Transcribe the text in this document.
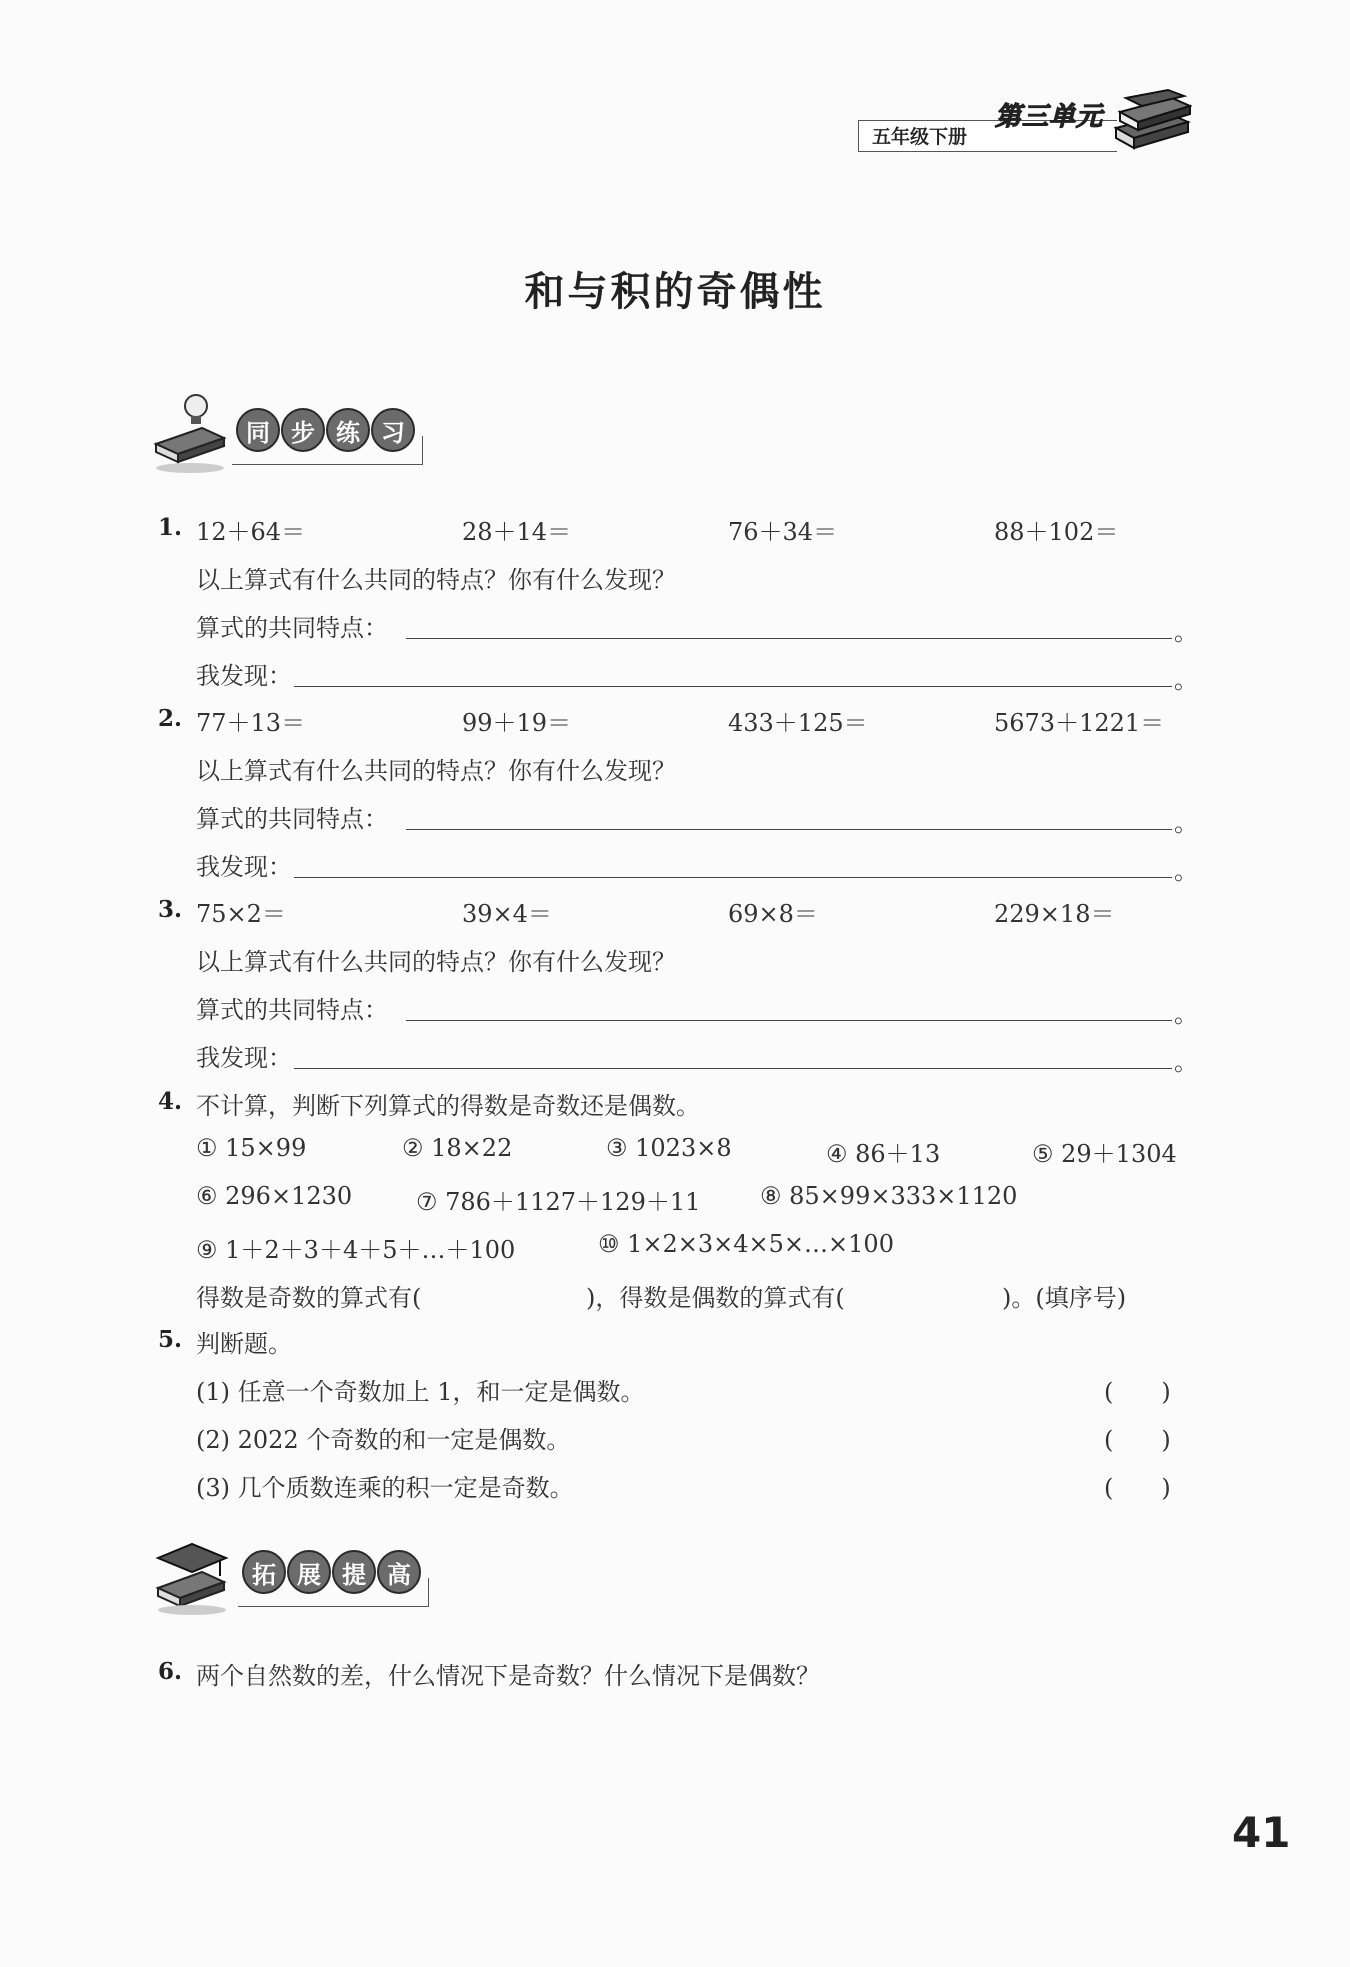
五年级下册
第三单元
和与积的奇偶性
同 步 练 习
1. 12＋64＝	28＋14＝	76＋34＝	88＋102＝
以上算式有什么共同的特点？你有什么发现？
算式的共同特点：	。
我发现：	。
2. 77＋13＝	99＋19＝	433＋125＝	5673＋1221＝
以上算式有什么共同的特点？你有什么发现？
算式的共同特点：	。
我发现：	。
3. 75×2＝	39×4＝	69×8＝	229×18＝
以上算式有什么共同的特点？你有什么发现？
算式的共同特点：	。
我发现：	。
4. 不计算，判断下列算式的得数是奇数还是偶数。
① 15×99	② 18×22	③ 1023×8	④ 86＋13	⑤ 29＋1304
⑥ 296×1230	⑦ 786＋1127＋129＋11 ⑧ 85×99×333×1120
⑨ 1＋2＋3＋4＋5＋…＋100	⑩ 1×2×3×4×5×…×100
得数是奇数的算式有(	)，得数是偶数的算式有(	)。(填序号)
5. 判断题。
(1) 任意一个奇数加上 1，和一定是偶数。	(　　)
(2) 2022 个奇数的和一定是偶数。	(　　)
(3) 几个质数连乘的积一定是奇数。	(　　)
拓 展 提 高
6. 两个自然数的差，什么情况下是奇数？什么情况下是偶数？
41
